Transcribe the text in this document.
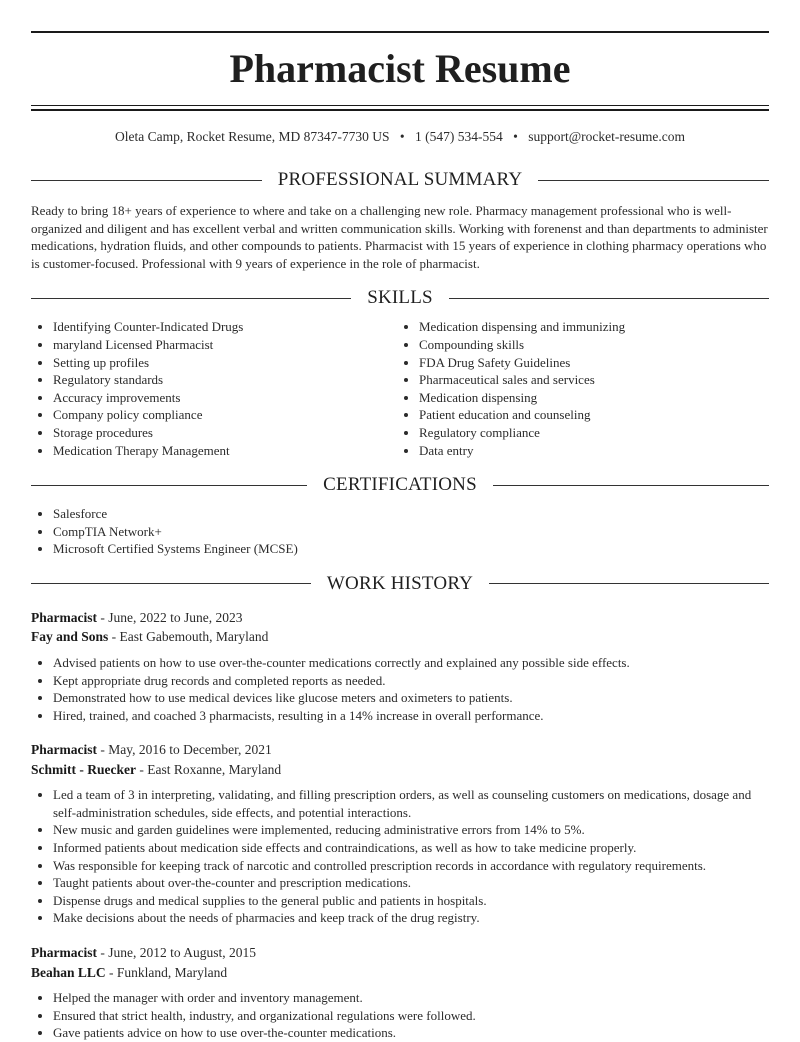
Pharmacist Resume
Oleta Camp, Rocket Resume, MD 87347-7730 US • 1 (547) 534-554 • support@rocket-resume.com
PROFESSIONAL SUMMARY

Ready to bring 18+ years of experience to where and take on a challenging new role. Pharmacy management professional who is well-organized and diligent and has excellent verbal and written communication skills. Working with forenenst and than departments to administer medications, hydration fluids, and other compounds to patients. Pharmacist with 15 years of experience in clothing pharmacy operations who is customer-focused. Professional with 9 years of experience in the role of pharmacist.

SKILLS
• Identifying Counter-Indicated Drugs
• maryland Licensed Pharmacist
• Setting up profiles
• Regulatory standards
• Accuracy improvements
• Company policy compliance
• Storage procedures
• Medication Therapy Management
• Medication dispensing and immunizing
• Compounding skills
• FDA Drug Safety Guidelines
• Pharmaceutical sales and services
• Medication dispensing
• Patient education and counseling
• Regulatory compliance
• Data entry
CERTIFICATIONS
• Salesforce
• CompTIA Network+
• Microsoft Certified Systems Engineer (MCSE)
WORK HISTORY
Pharmacist - June, 2022 to June, 2023
Fay and Sons - East Gabemouth, Maryland
• Advised patients on how to use over-the-counter medications correctly and explained any possible side effects.
• Kept appropriate drug records and completed reports as needed.
• Demonstrated how to use medical devices like glucose meters and oximeters to patients.
• Hired, trained, and coached 3 pharmacists, resulting in a 14% increase in overall performance.
Pharmacist - May, 2016 to December, 2021
Schmitt - Ruecker - East Roxanne, Maryland
• Led a team of 3 in interpreting, validating, and filling prescription orders, as well as counseling customers on medications, dosage and self-administration schedules, side effects, and potential interactions.
• New music and garden guidelines were implemented, reducing administrative errors from 14% to 5%.
• Informed patients about medication side effects and contraindications, as well as how to take medicine properly.
• Was responsible for keeping track of narcotic and controlled prescription records in accordance with regulatory requirements.
• Taught patients about over-the-counter and prescription medications.
• Dispense drugs and medical supplies to the general public and patients in hospitals.
• Make decisions about the needs of pharmacies and keep track of the drug registry.
Pharmacist - June, 2012 to August, 2015
Beahan LLC - Funkland, Maryland
• Helped the manager with order and inventory management.
• Ensured that strict health, industry, and organizational regulations were followed.
• Gave patients advice on how to use over-the-counter medications.
